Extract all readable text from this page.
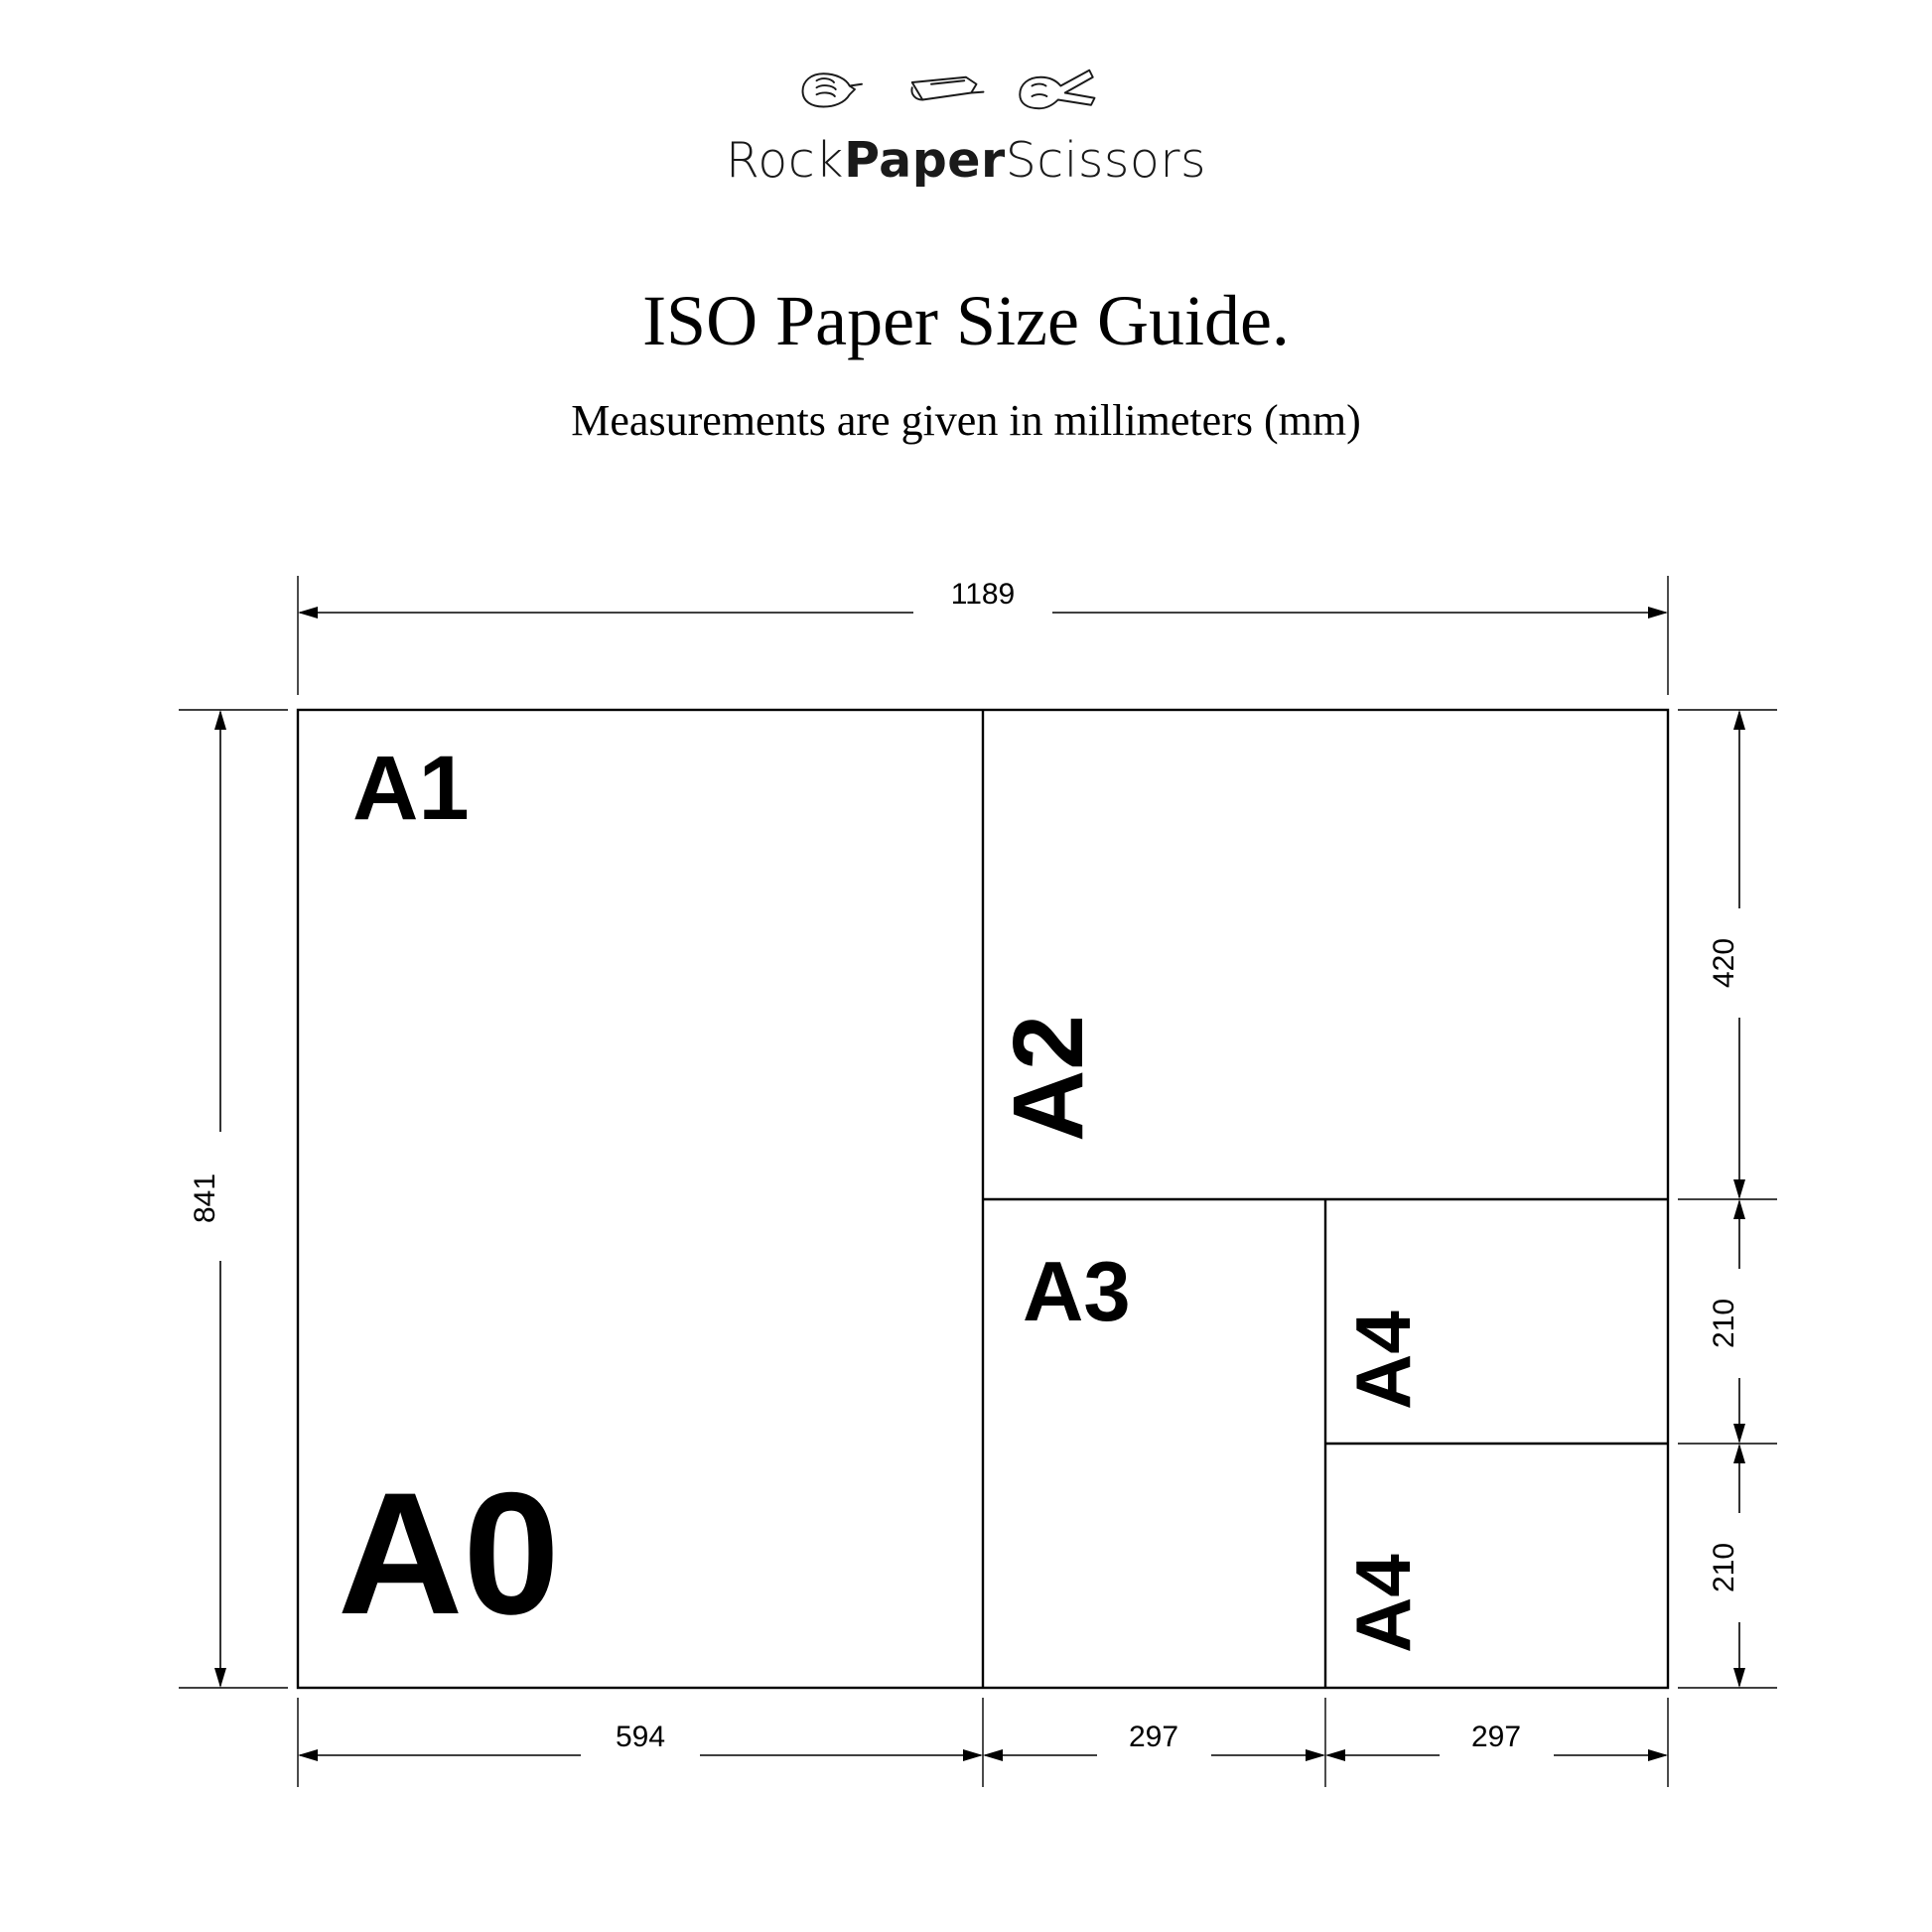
RockPaperScissors
ISO Paper Size Guide.
Measurements are given in millimeters (mm)
A1
A0
A2
A3
A4
A4
1189
841
420
210
210
594	297	297
